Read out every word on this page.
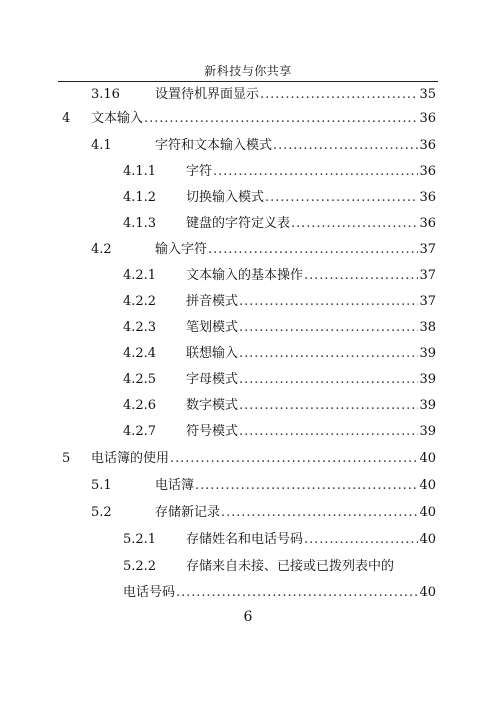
新科技与你共享
3.16	设置待机界面显示 . . .	35
4 文本输入 . . .	36
4.1	字符和文本输入模式 . . .	36
4.1.1 字符 . . .	36
4.1.2 切换输入模式 . . .	36
4.1.3 键盘的字符定义表 . . .	36
4.2	输入字符 . . .	37
4.2.1 文本输入的基本操作 . . .	37
4.2.2 拼音模式 . . .	37
4.2.3 笔划模式 . . .	38
4.2.4 联想输入 . . .	39
4.2.5 字母模式 . . .	39
4.2.6 数字模式 . . .	39
4.2.7 符号模式 . . .	39
5 电话簿的使用 . . .	40
5.1	电话簿 . . .	40
5.2	存储新记录 . . .	40
5.2.1 存储姓名和电话号码 . . .	40
5.2.2 存储来自未接、已接或已拨列表中的
电话号码 . . .	40
6
